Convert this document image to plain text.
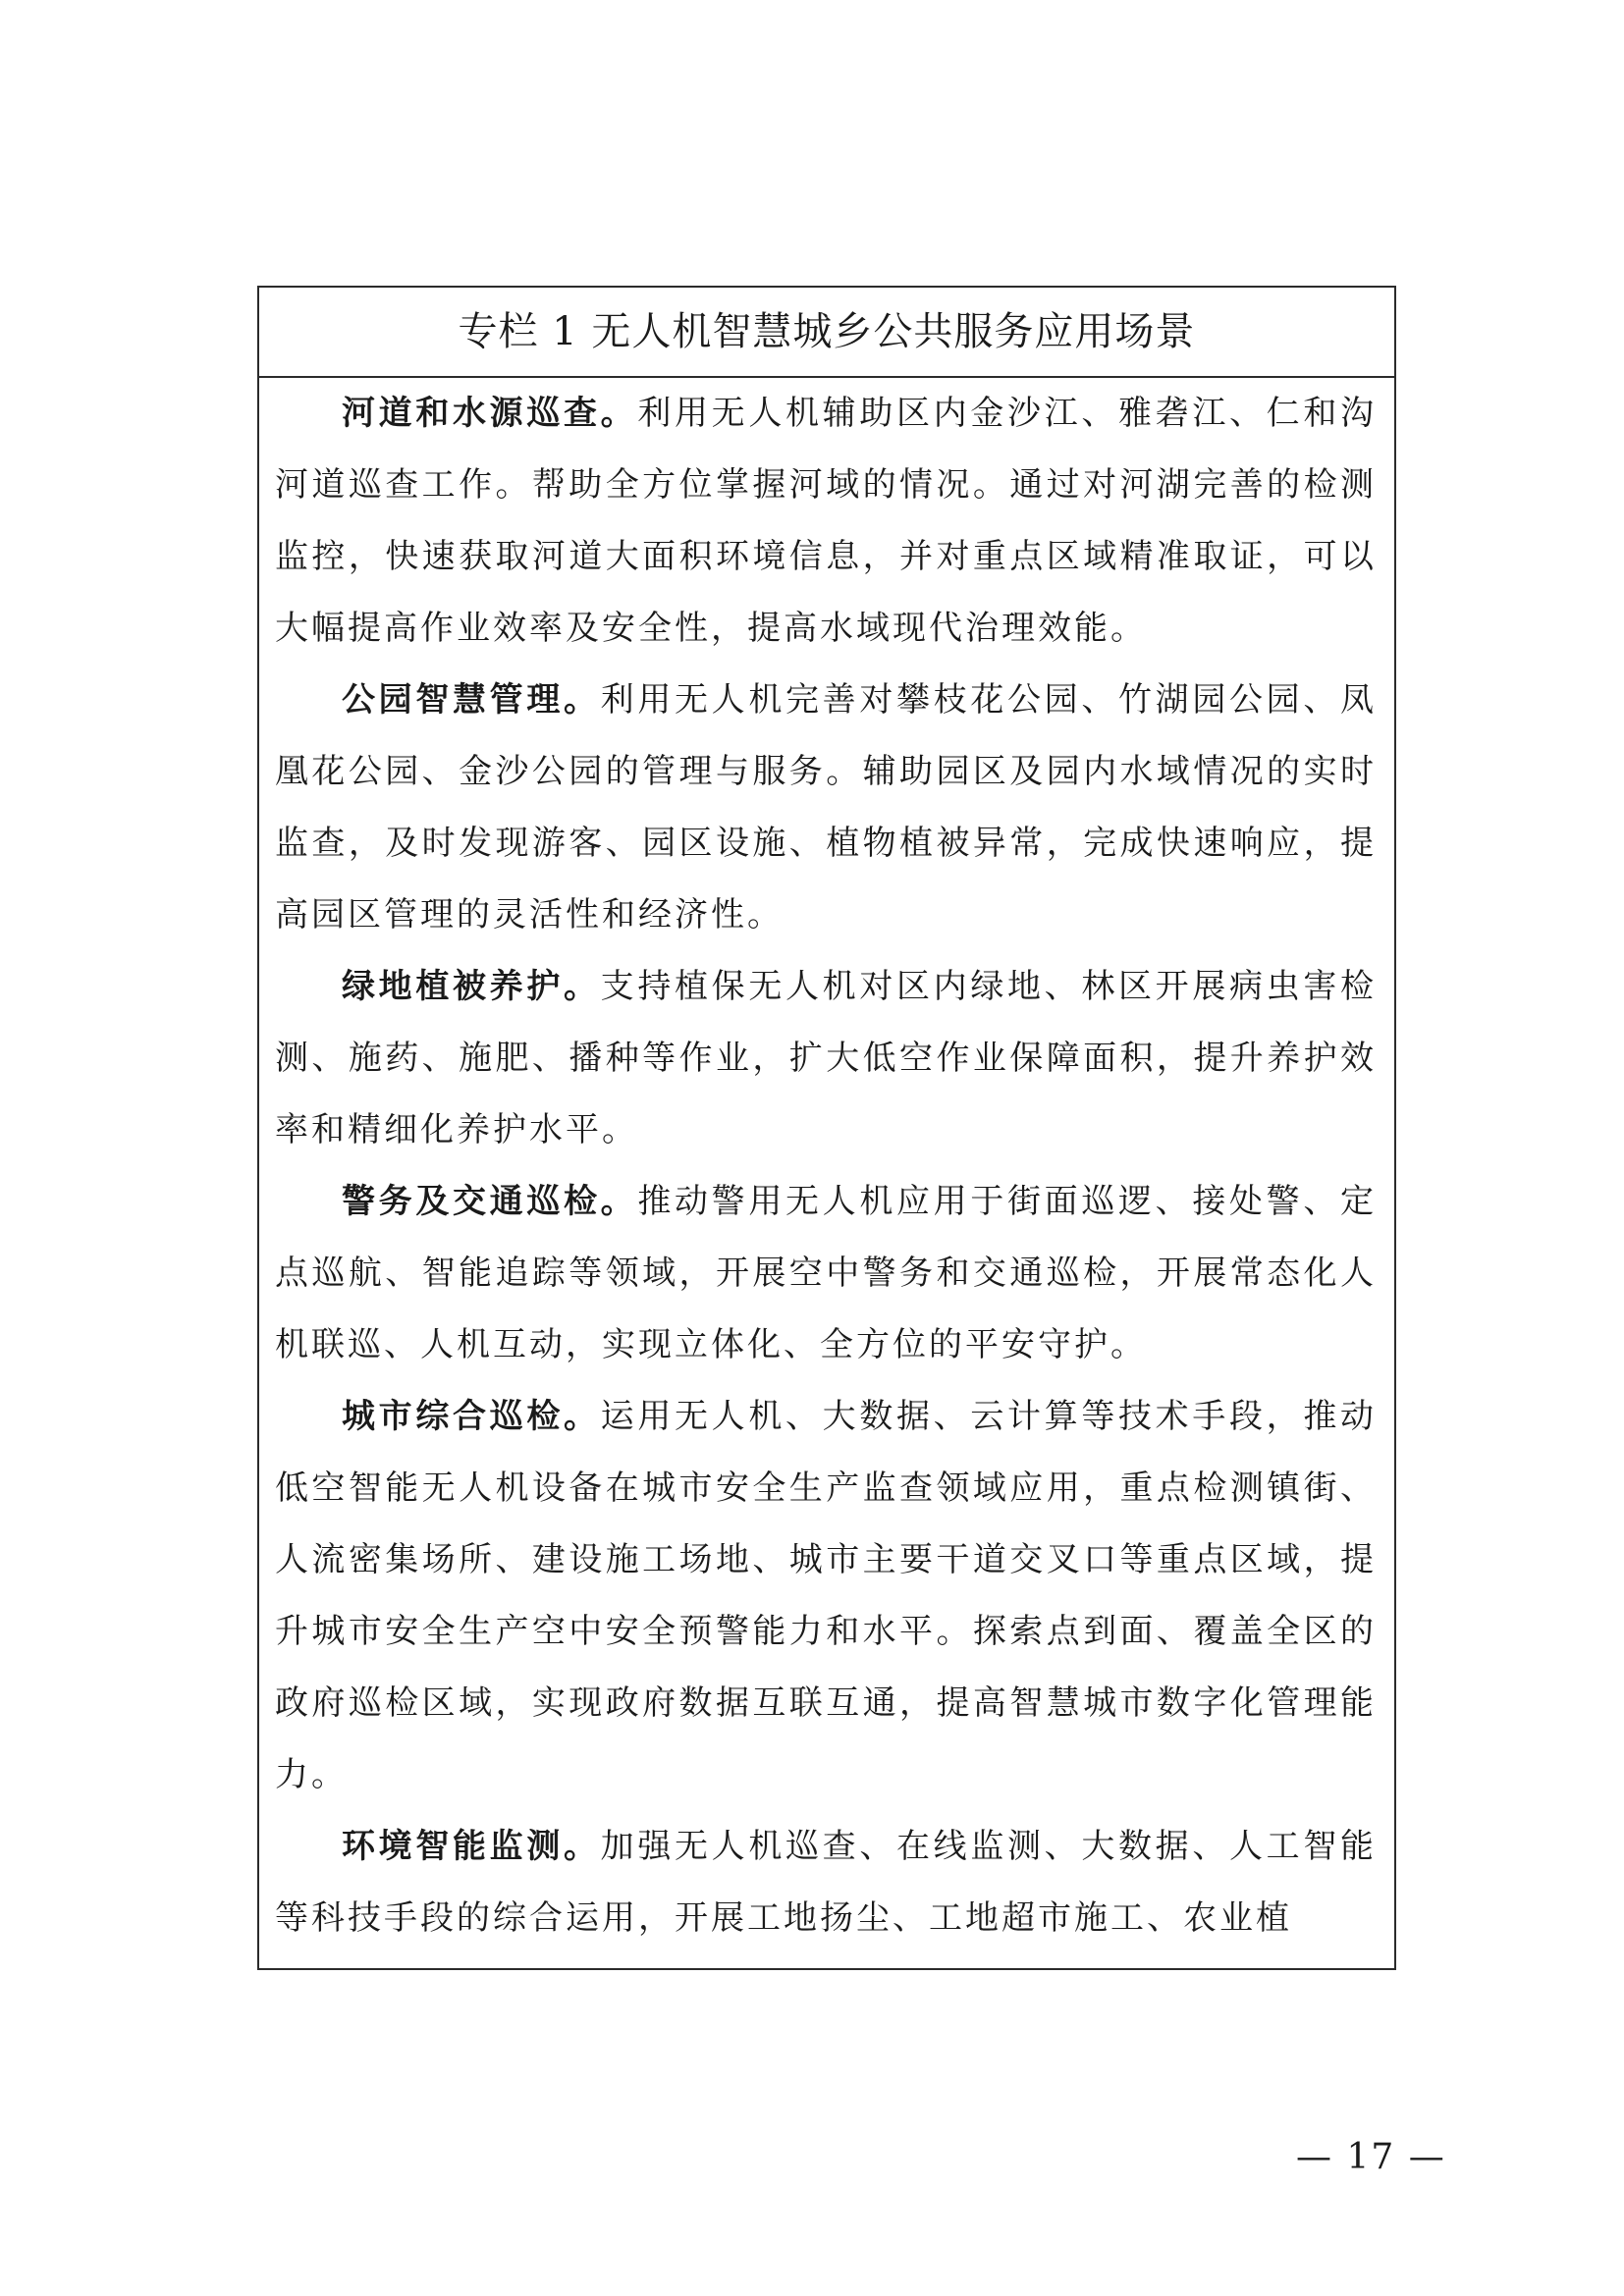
专栏 1 无人机智慧城乡公共服务应用场景

河道和水源巡查。利用无人机辅助区内金沙江、雅砻江、仁和沟河道巡查工作。帮助全方位掌握河域的情况。通过对河湖完善的检测监控，快速获取河道大面积环境信息，并对重点区域精准取证，可以大幅提高作业效率及安全性，提高水域现代治理效能。

公园智慧管理。利用无人机完善对攀枝花公园、竹湖园公园、凤凰花公园、金沙公园的管理与服务。辅助园区及园内水域情况的实时监查，及时发现游客、园区设施、植物植被异常，完成快速响应，提高园区管理的灵活性和经济性。

绿地植被养护。支持植保无人机对区内绿地、林区开展病虫害检测、施药、施肥、播种等作业，扩大低空作业保障面积，提升养护效率和精细化养护水平。

警务及交通巡检。推动警用无人机应用于街面巡逻、接处警、定点巡航、智能追踪等领域，开展空中警务和交通巡检，开展常态化人机联巡、人机互动，实现立体化、全方位的平安守护。

城市综合巡检。运用无人机、大数据、云计算等技术手段，推动低空智能无人机设备在城市安全生产监查领域应用，重点检测镇街、人流密集场所、建设施工场地、城市主要干道交叉口等重点区域，提升城市安全生产空中安全预警能力和水平。探索点到面、覆盖全区的政府巡检区域，实现政府数据互联互通，提高智慧城市数字化管理能力。

环境智能监测。加强无人机巡查、在线监测、大数据、人工智能等科技手段的综合运用，开展工地扬尘、工地超市施工、农业植

— 17 —
